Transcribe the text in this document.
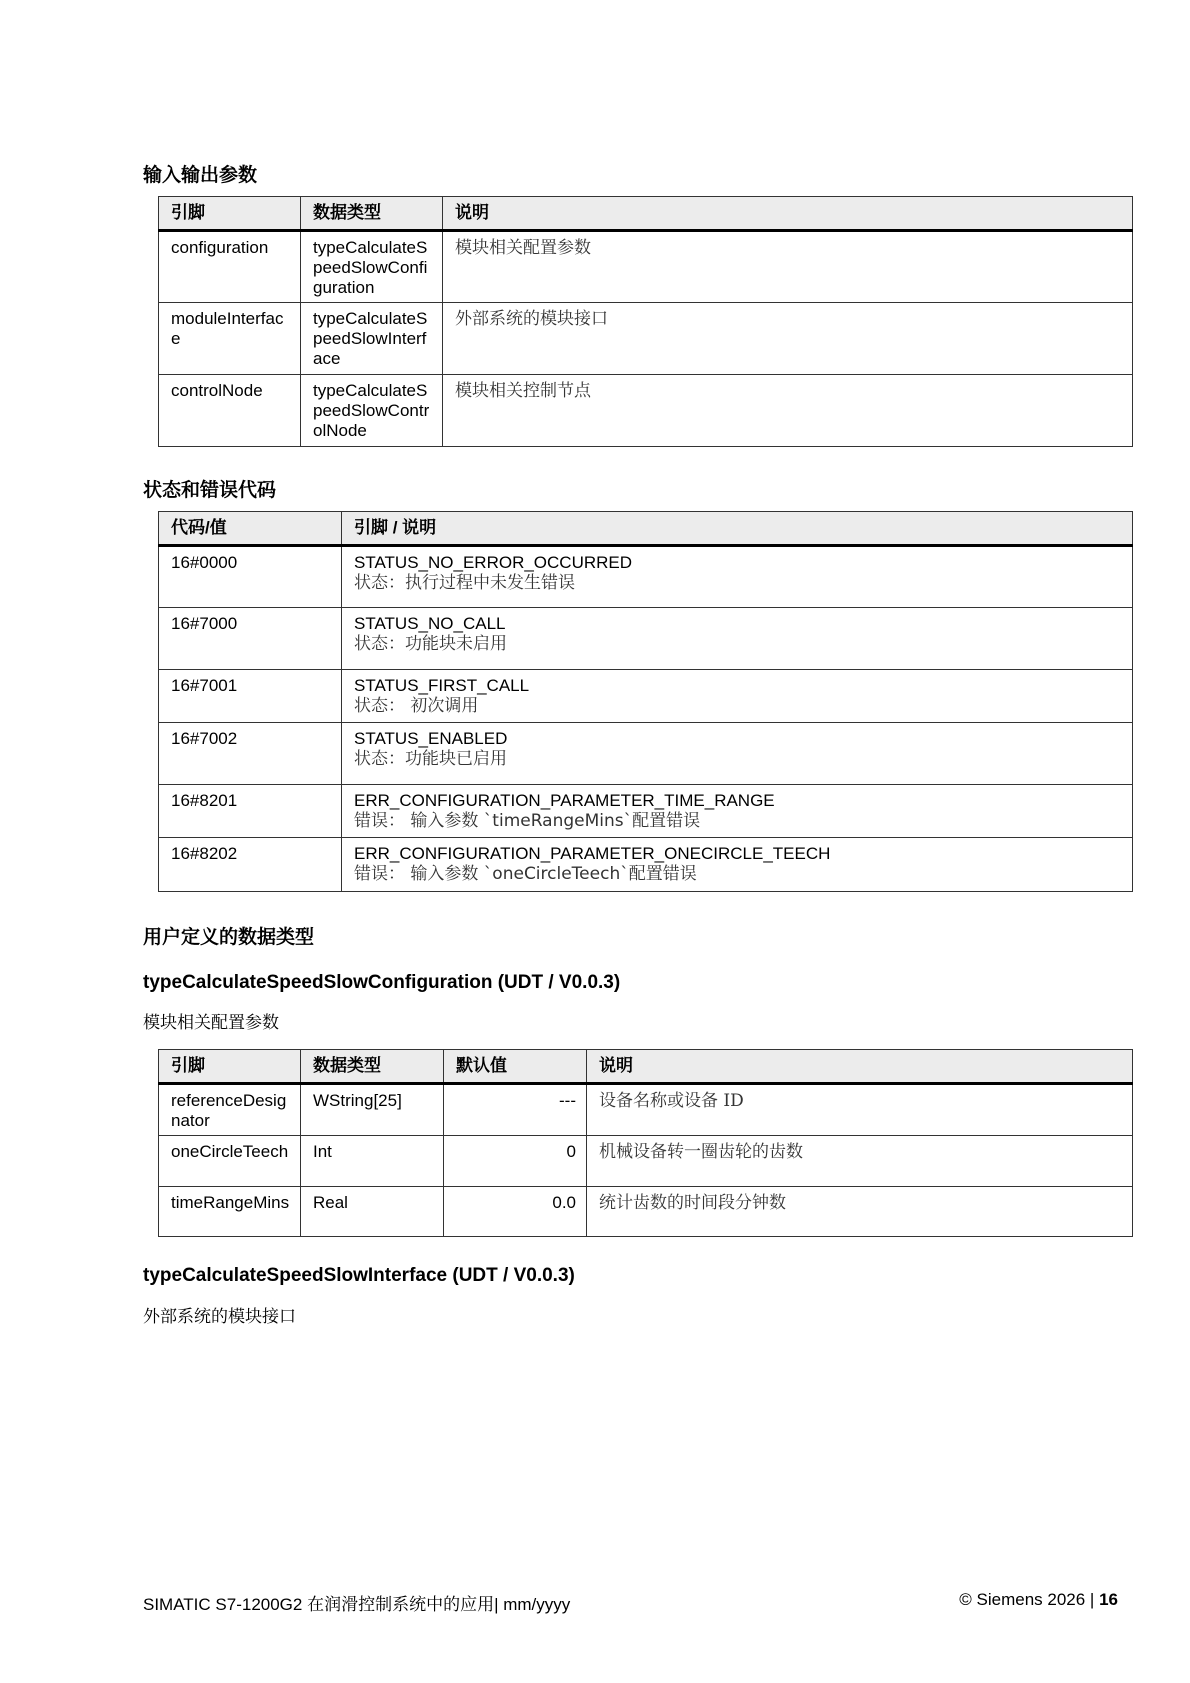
输入输出参数
引脚	数据类型	说明
configuration	typeCalculateSpeedSlowConfiguration	模块相关配置参数
moduleInterface	typeCalculateSpeedSlowInterface	外部系统的模块接口
controlNode	typeCalculateSpeedSlowControlNode	模块相关控制节点
状态和错误代码
代码/值	引脚 / 说明
16#0000	STATUS_NO_ERROR_OCCURRED
状态：执行过程中未发生错误

16#7000	STATUS_NO_CALL
状态：功能块未启用

16#7001	STATUS_FIRST_CALL
状态： 初次调用

16#7002	STATUS_ENABLED
状态：功能块已启用

16#8201	ERR_CONFIGURATION_PARAMETER_TIME_RANGE
错误： 输入参数 `timeRangeMins`配置错误

16#8202	ERR_CONFIGURATION_PARAMETER_ONECIRCLE_TEECH
错误： 输入参数 `oneCircleTeech`配置错误
用户定义的数据类型
typeCalculateSpeedSlowConfiguration (UDT / V0.0.3)
模块相关配置参数
引脚	数据类型	默认值	说明
referenceDesignator	WString[25]	---	设备名称或设备 ID
oneCircleTeech	Int	0	机械设备转一圈齿轮的齿数
timeRangeMins	Real	0.0	统计齿数的时间段分钟数
typeCalculateSpeedSlowInterface (UDT / V0.0.3)
外部系统的模块接口
SIMATIC S7-1200G2 在润滑控制系统中的应用| mm/yyyy	© Siemens 2026 | 16
